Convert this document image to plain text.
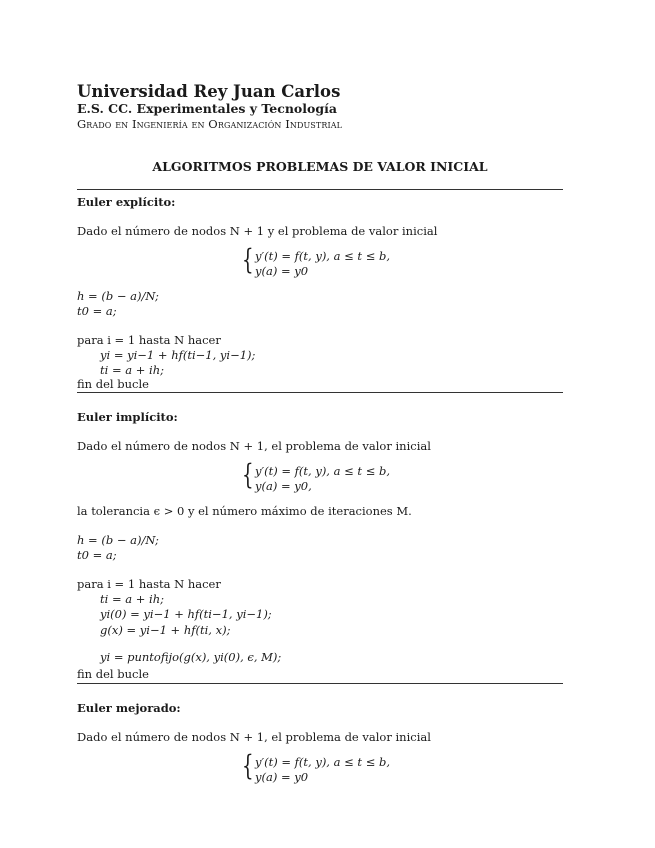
Universidad Rey Juan Carlos
E.S. CC. Experimentales y Tecnología
Grado en Ingeniería en Organización Industrial
ALGORITMOS PROBLEMAS DE VALOR INICIAL
Euler explícito:
Dado el número de nodos N + 1 y el problema de valor inicial
{ y′(t) = f(t, y), a ≤ t ≤ b,
y(a) = y0
h = (b − a)/N;
t0 = a;
para i = 1 hasta N hacer
yi = yi−1 + hf(ti−1, yi−1);
ti = a + ih;
fin del bucle
Euler implícito:
Dado el número de nodos N + 1, el problema de valor inicial
{ y′(t) = f(t, y), a ≤ t ≤ b,
y(a) = y0,
la tolerancia ϵ > 0 y el número máximo de iteraciones M.
h = (b − a)/N;
t0 = a;
para i = 1 hasta N hacer
ti = a + ih;
yi(0) = yi−1 + hf(ti−1, yi−1);
g(x) = yi−1 + hf(ti, x);
yi = puntofijo(g(x), yi(0), ϵ, M);
fin del bucle
Euler mejorado:
Dado el número de nodos N + 1, el problema de valor inicial
{ y′(t) = f(t, y), a ≤ t ≤ b,
y(a) = y0
